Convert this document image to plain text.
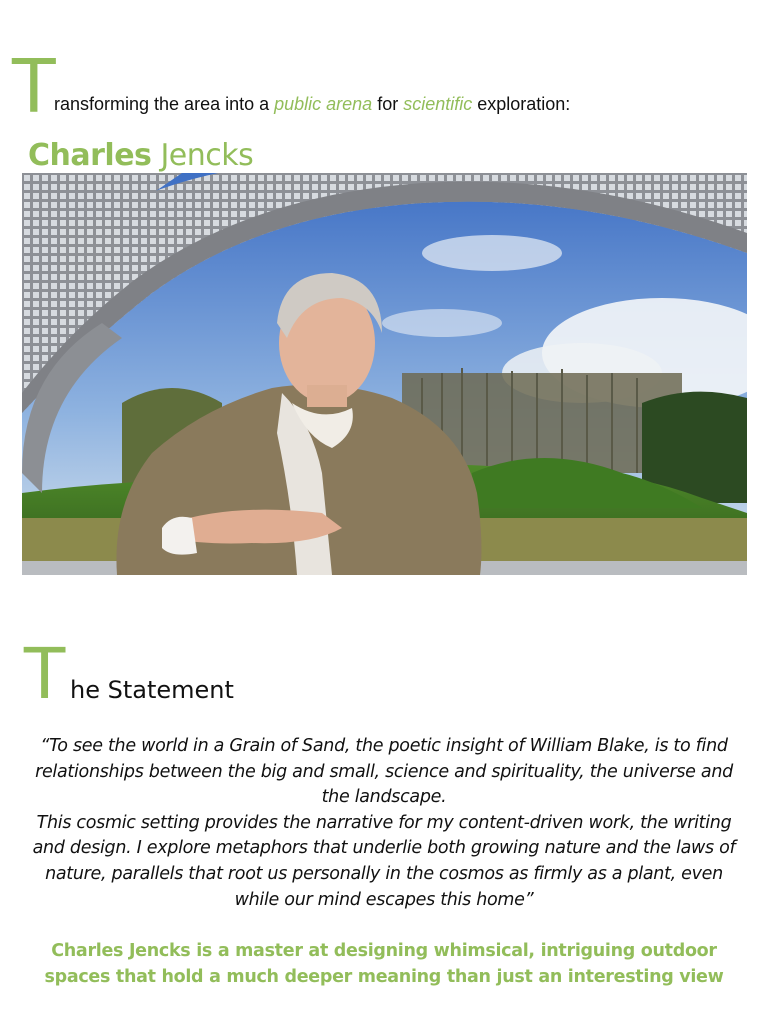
T
ransforming the area into a public arena for scientific exploration:
Charles Jencks
T he Statement

“To see the world in a Grain of Sand, the poetic insight of William Blake, is to find relationships between the big and small, science and spirituality, the universe and the landscape.

This cosmic setting provides the narrative for my content-driven work, the writing and design. I explore metaphors that underlie both growing nature and the laws of nature, parallels that root us personally in the cosmos as firmly as a plant, even while our mind escapes this home”

Charles Jencks is a master at designing whimsical, intriguing outdoor spaces that hold a much deeper meaning than just an interesting view
